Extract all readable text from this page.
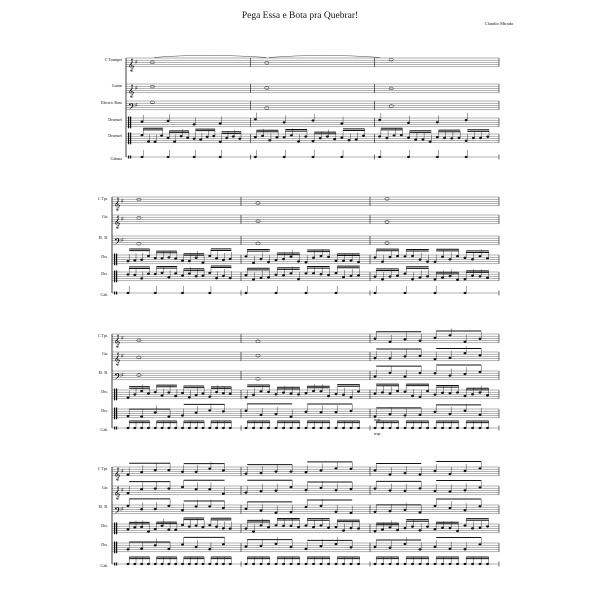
Pega Essa e Bota pra Quebrar!
Claudio Mirada
C Trumpet
Guitar
Electric Bass
Drumset
Drumset
Cabasa
C Tpt.
Gtr.
El. B.
Drs.
Drs.
Cab.
C Tpt.
Gtr.
El. B.
Drs.
Drs.
Cab.
C Tpt.
Gtr.
El. B.
Drs.
Drs.
Cab.
𝄞 ♯
𝄞 ♯
𝄢 ♯
𝄞 ♯
𝄞 ♯
𝄢 ♯
𝄞 ♯
𝄞 ♯
𝄢 ♯
mp
mp
𝄞 ♯
𝄞 ♯
𝄢 ♯
